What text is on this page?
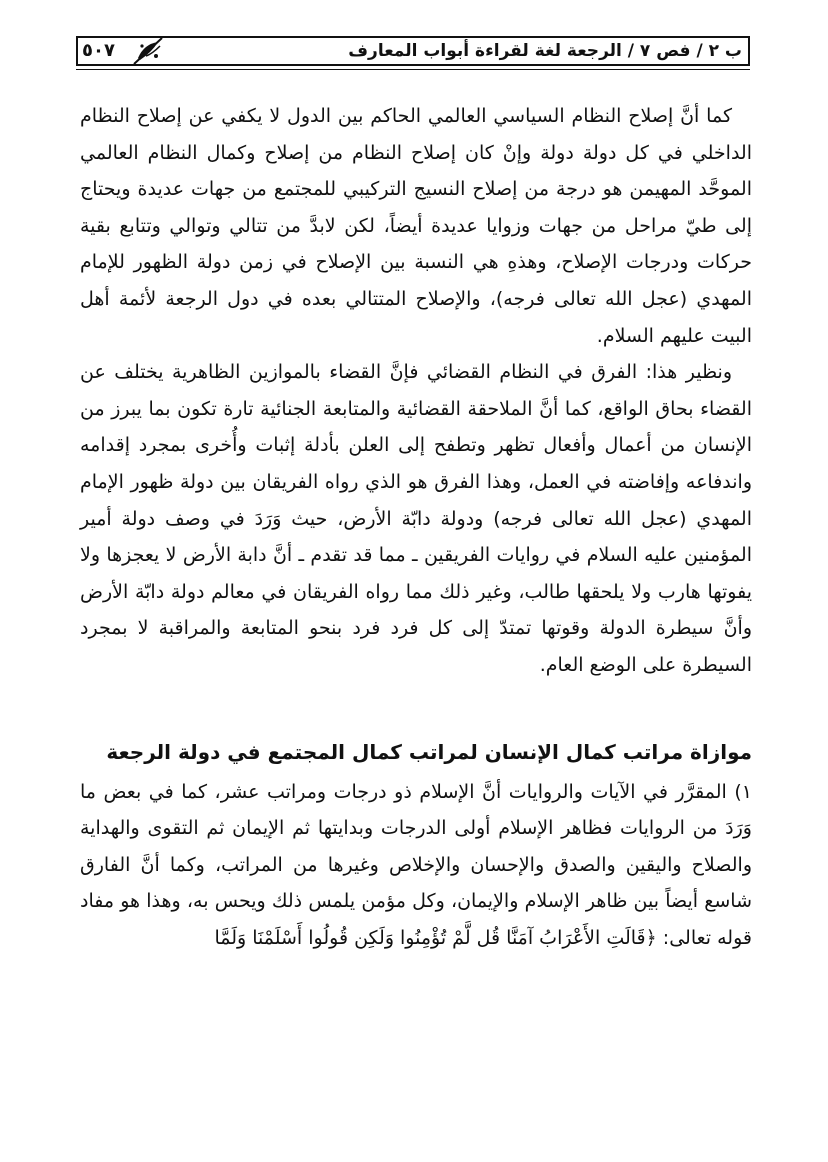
ب ٢ / فص ٧ / الرجعة لغة لقراءة أبواب المعارف
٥٠٧

كما أنَّ إصلاح النظام السياسي العالمي الحاكم بين الدول لا يكفي عن إصلاح النظام الداخلي في كل دولة دولة وإنْ كان إصلاح النظام من إصلاح وكمال النظام العالمي الموحَّد المهيمن هو درجة من إصلاح النسيج التركيبي للمجتمع من جهات عديدة ويحتاج إلى طيّ مراحل من جهات وزوايا عديدة أيضاً، لكن لابدَّ من تتالي وتوالي وتتابع بقية حركات ودرجات الإصلاح، وهذهِ هي النسبة بين الإصلاح في زمن دولة الظهور للإمام المهدي (عجل الله تعالى فرجه)، والإصلاح المتتالي بعده في دول الرجعة لأئمة أهل البيت عليهم السلام.

ونظير هذا: الفرق في النظام القضائي فإنَّ القضاء بالموازين الظاهرية يختلف عن القضاء بحاق الواقع، كما أنَّ الملاحقة القضائية والمتابعة الجنائية تارة تكون بما يبرز من الإنسان من أعمال وأفعال تظهر وتطفح إلى العلن بأدلة إثبات وأُخرى بمجرد إقدامه واندفاعه وإفاضته في العمل، وهذا الفرق هو الذي رواه الفريقان بين دولة ظهور الإمام المهدي (عجل الله تعالى فرجه) ودولة دابّة الأرض، حيث وَرَدَ في وصف دولة أمير المؤمنين عليه السلام في روايات الفريقين ـ مما قد تقدم ـ أنَّ دابة الأرض لا يعجزها ولا يفوتها هارب ولا يلحقها طالب، وغير ذلك مما رواه الفريقان في معالم دولة دابّة الأرض وأنَّ سيطرة الدولة وقوتها تمتدّ إلى كل فرد فرد بنحو المتابعة والمراقبة لا بمجرد السيطرة على الوضع العام.

موازاة مراتب كمال الإنسان لمراتب كمال المجتمع في دولة الرجعة

١) المقرَّر في الآيات والروايات أنَّ الإسلام ذو درجات ومراتب عشر، كما في بعض ما وَرَدَ من الروايات فظاهر الإسلام أولى الدرجات وبدايتها ثم الإيمان ثم التقوى والهداية والصلاح واليقين والصدق والإحسان والإخلاص وغيرها من المراتب، وكما أنَّ الفارق شاسع أيضاً بين ظاهر الإسلام والإيمان، وكل مؤمن يلمس ذلك ويحس به، وهذا هو مفاد قوله تعالى: ﴿قَالَتِ الأَعْرَابُ آمَنَّا قُل لَّمْ تُؤْمِنُوا وَلَكِن قُولُوا أَسْلَمْنَا وَلَمَّا
